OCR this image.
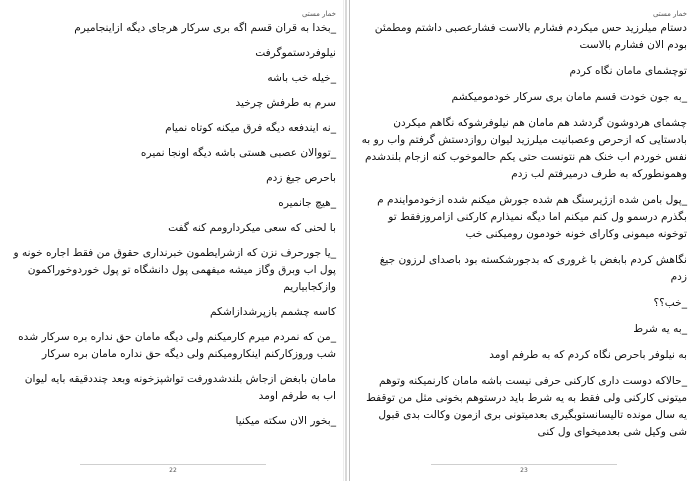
خمار مستی

_بخدا به قران قسم اگه بری سرکار هرجای دیگه ازاینجامیرم

نیلوفردستموگرفت

_خیله خب باشه

سرم به طرفش چرخید

_نه ایندفعه دیگه فرق میکنه کوتاه نمیام

_تووالان عصبی هستی باشه دیگه اونجا نمیره

باحرص جیغ زدم

_هیچ جانمیره

با لحنی که سعی میکردارومم کنه گفت

_یا جورحرف نزن که ازشرایطمون خبرنداری حقوق من فقط اجاره خونه و پول اب وبرق وگاز میشه میفهمی پول دانشگاه تو پول خوردوخوراکمون وازکجابیاریم

کاسه چشمم بازپرشدازاشکم

_من که نمردم میرم کارمیکنم ولی دیگه مامان حق نداره بره سرکار شده شب وروزکارکنم اینکارومیکنم ولی دیگه حق نداره مامان بره سرکار

مامان بابغض ازجاش بلندشدورفت تواشپزخونه وبعد چنددقیقه بایه لیوان اب به طرفم اومد

_بخور الان سکته میکنیا

22
خمار مستی

دستام میلرزید حس میکردم فشارم بالاست فشارعصبی داشتم ومطمئن بودم الان فشارم بالاست

توچشمای مامان نگاه کردم

_به جون خودت قسم مامان بری سرکار خودمومیکشم

چشمای هردوشون گردشد هم مامان هم نیلوفرشوکه نگاهم میکردن بادستایی که ازحرص وعصبانیت میلرزید لیوان روازدستش گرفتم واب رو به نفس خوردم اب خنک هم نتونست حتی یکم حالموخوب کنه ازجام بلندشدم وهمونطورکه به طرف درمیرفتم لب زدم

_پول بامن شده ازژیرسنگ هم شده جورش میکنم شده ازخودموایندم م بگذرم درسمو ول کنم میکنم اما دیگه نمیذارم کارکنی ازامروزفقط تو توخونه میمونی وکارای خونه خودمون رومیکنی خب

نگاهش کردم بابغض با غروری که بدجورشکسته بود باصدای لرزون جیغ زدم

_خب؟؟

_به یه شرط

به نیلوفر باحرص نگاه کردم که به طرفم اومد

_حالاکه دوست داری کارکنی حرفی نیست باشه مامان کارنمیکنه وتوهم میتونی کارکنی ولی فقط به یه شرط باید درستوهم بخونی مثل من توقفط یه سال مونده تالیسانستوبگیری بعدمیتونی بری ازمون وکالت بدی قبول شی وکیل شی بعدمیخوای ول کنی

23
